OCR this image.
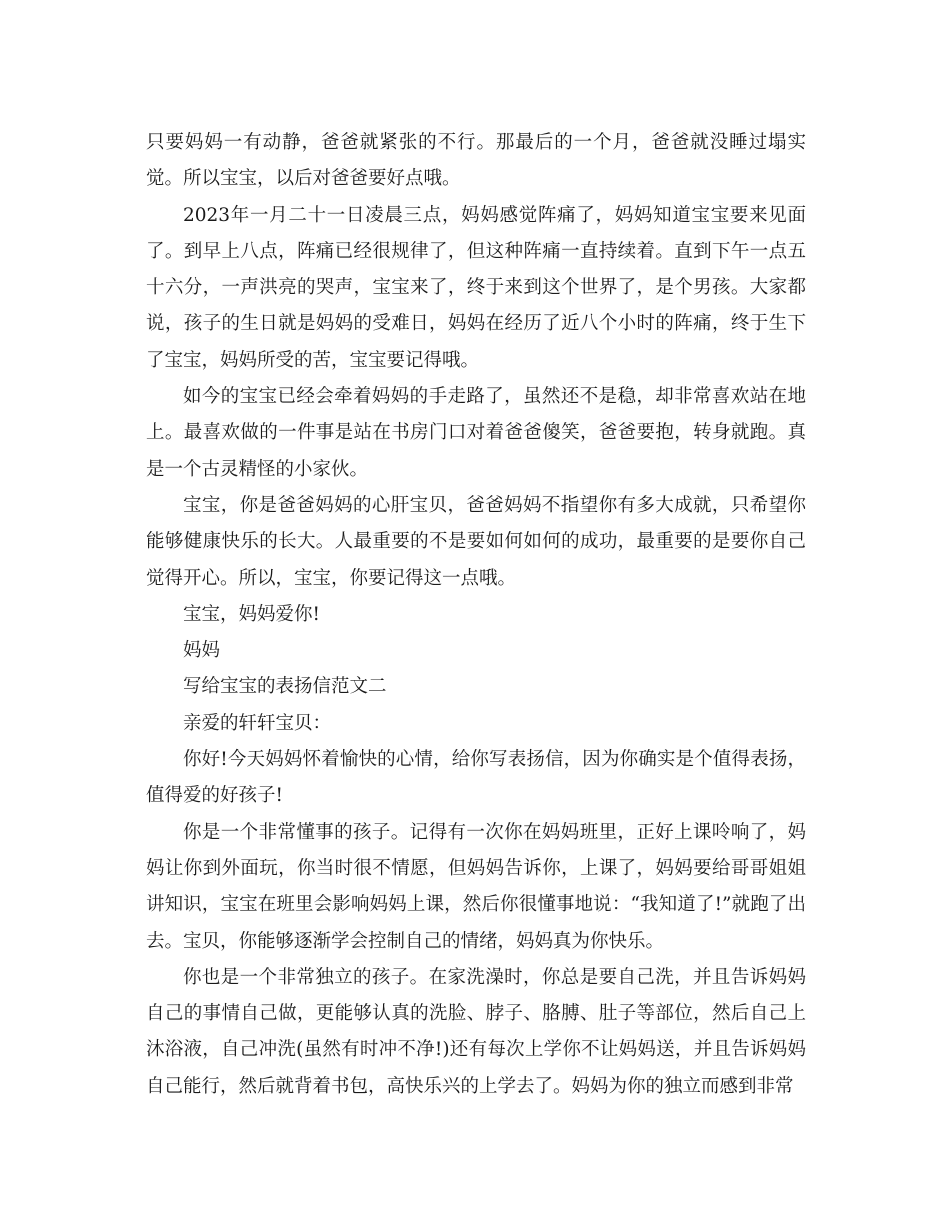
只要妈妈一有动静，爸爸就紧张的不行。那最后的一个月，爸爸就没睡过塌实觉。所以宝宝，以后对爸爸要好点哦。

2023年一月二十一日凌晨三点，妈妈感觉阵痛了，妈妈知道宝宝要来见面了。到早上八点，阵痛已经很规律了，但这种阵痛一直持续着。直到下午一点五十六分，一声洪亮的哭声，宝宝来了，终于来到这个世界了，是个男孩。大家都说，孩子的生日就是妈妈的受难日，妈妈在经历了近八个小时的阵痛，终于生下了宝宝，妈妈所受的苦，宝宝要记得哦。

如今的宝宝已经会牵着妈妈的手走路了，虽然还不是稳，却非常喜欢站在地上。最喜欢做的一件事是站在书房门口对着爸爸傻笑，爸爸要抱，转身就跑。真是一个古灵精怪的小家伙。

宝宝，你是爸爸妈妈的心肝宝贝，爸爸妈妈不指望你有多大成就，只希望你能够健康快乐的长大。人最重要的不是要如何如何的成功，最重要的是要你自己觉得开心。所以，宝宝，你要记得这一点哦。

宝宝，妈妈爱你!

妈妈

写给宝宝的表扬信范文二

亲爱的轩轩宝贝：

你好!今天妈妈怀着愉快的心情，给你写表扬信，因为你确实是个值得表扬，值得爱的好孩子!

你是一个非常懂事的孩子。记得有一次你在妈妈班里，正好上课呤响了，妈妈让你到外面玩，你当时很不情愿，但妈妈告诉你，上课了，妈妈要给哥哥姐姐讲知识，宝宝在班里会影响妈妈上课，然后你很懂事地说：“我知道了!”就跑了出去。宝贝，你能够逐渐学会控制自己的情绪，妈妈真为你快乐。

你也是一个非常独立的孩子。在家洗澡时，你总是要自己洗，并且告诉妈妈自己的事情自己做，更能够认真的洗脸、脖子、胳膊、肚子等部位，然后自己上沐浴液，自己冲洗(虽然有时冲不净!)还有每次上学你不让妈妈送，并且告诉妈妈自己能行，然后就背着书包，高快乐兴的上学去了。妈妈为你的独立而感到非常
